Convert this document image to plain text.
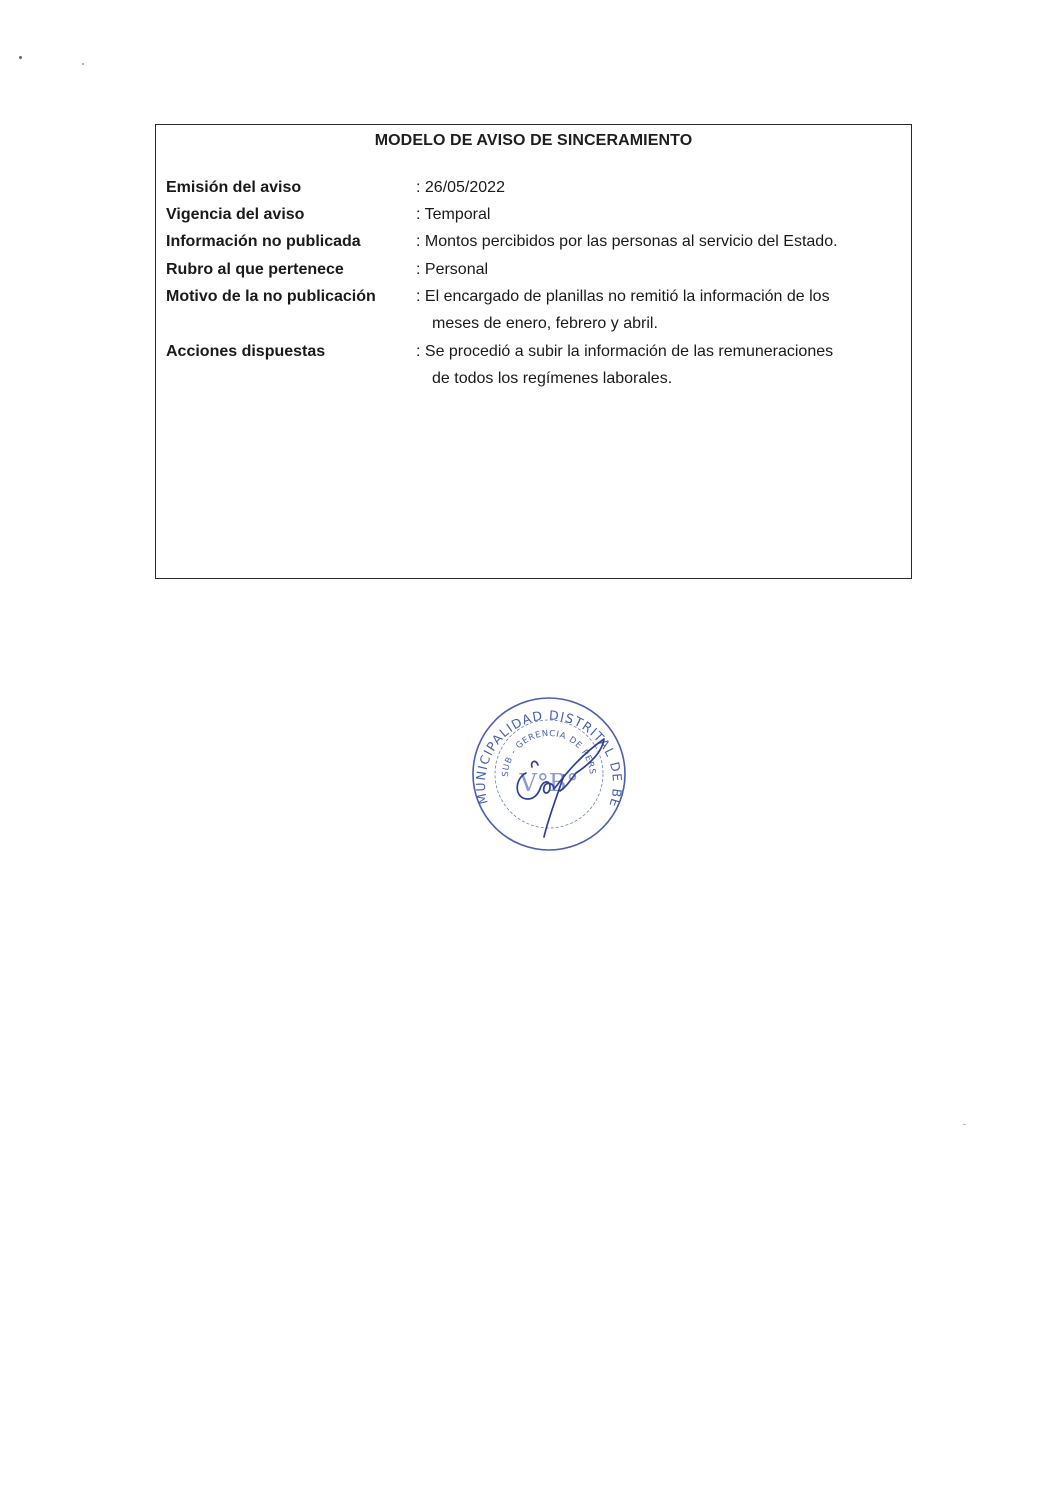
MODELO DE AVISO DE SINCERAMIENTO
Emisión del aviso	: 26/05/2022
Vigencia del aviso	: Temporal
Información no publicada	: Montos percibidos por las personas al servicio del Estado.
Rubro al que pertenece	: Personal
Motivo de la no publicación	: El encargado de planillas no remitió la información de los
meses de enero, febrero y abril.
Acciones dispuestas	: Se procedió a subir la información de las remuneraciones
de todos los regímenes laborales.
MUNICIPALIDAD DISTRITAL DE BE
SUB - GERENCIA DE PERS
V°B°
